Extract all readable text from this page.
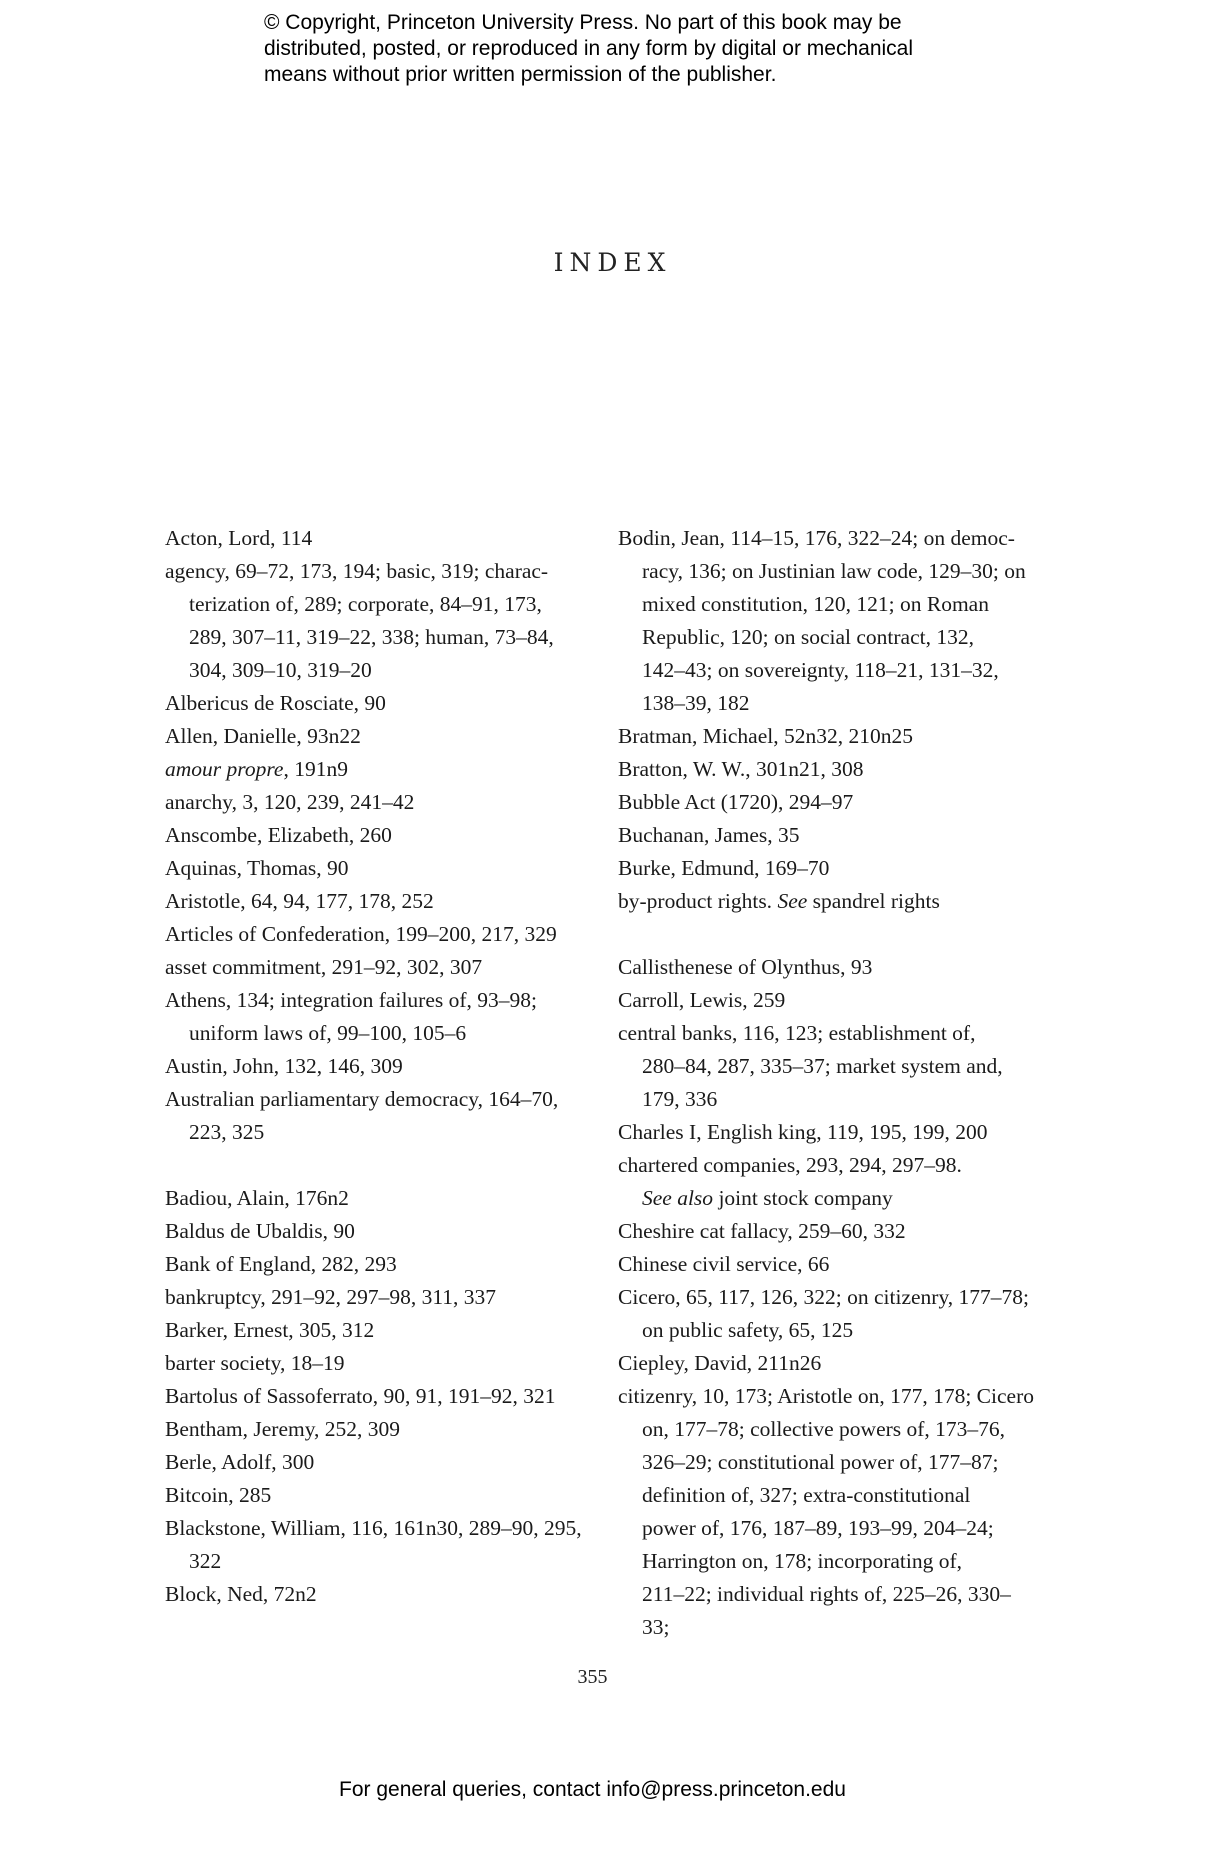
© Copyright, Princeton University Press. No part of this book may be
distributed, posted, or reproduced in any form by digital or mechanical
means without prior written permission of the publisher.
INDEX
Acton, Lord, 114
agency, 69–72, 173, 194; basic, 319; charac-
terization of, 289; corporate, 84–91, 173,
289, 307–11, 319–22, 338; human, 73–84,
304, 309–10, 319–20
Albericus de Rosciate, 90
Allen, Danielle, 93n22
amour propre, 191n9
anarchy, 3, 120, 239, 241–42
Anscombe, Elizabeth, 260
Aquinas, Thomas, 90
Aristotle, 64, 94, 177, 178, 252
Articles of Confederation, 199–200, 217, 329
asset commitment, 291–92, 302, 307
Athens, 134; integration failures of, 93–98;
uniform laws of, 99–100, 105–6
Austin, John, 132, 146, 309
Australian parliamentary democracy, 164–70,
223, 325
Badiou, Alain, 176n2
Baldus de Ubaldis, 90
Bank of England, 282, 293
bankruptcy, 291–92, 297–98, 311, 337
Barker, Ernest, 305, 312
barter society, 18–19
Bartolus of Sassoferrato, 90, 91, 191–92, 321
Bentham, Jeremy, 252, 309
Berle, Adolf, 300
Bitcoin, 285
Blackstone, William, 116, 161n30, 289–90, 295,
322
Block, Ned, 72n2
Bodin, Jean, 114–15, 176, 322–24; on democ-
racy, 136; on Justinian law code, 129–30; on
mixed constitution, 120, 121; on Roman
Republic, 120; on social contract, 132,
142–43; on sovereignty, 118–21, 131–32,
138–39, 182
Bratman, Michael, 52n32, 210n25
Bratton, W. W., 301n21, 308
Bubble Act (1720), 294–97
Buchanan, James, 35
Burke, Edmund, 169–70
by-product rights. See spandrel rights
Callisthenese of Olynthus, 93
Carroll, Lewis, 259
central banks, 116, 123; establishment of,
280–84, 287, 335–37; market system and,
179, 336
Charles I, English king, 119, 195, 199, 200
chartered companies, 293, 294, 297–98.
See also joint stock company
Cheshire cat fallacy, 259–60, 332
Chinese civil service, 66
Cicero, 65, 117, 126, 322; on citizenry, 177–78;
on public safety, 65, 125
Ciepley, David, 211n26
citizenry, 10, 173; Aristotle on, 177, 178; Cicero
on, 177–78; collective powers of, 173–76,
326–29; constitutional power of, 177–87;
definition of, 327; extra-constitutional
power of, 176, 187–89, 193–99, 204–24;
Harrington on, 178; incorporating of,
211–22; individual rights of, 225–26, 330–33;
355
For general queries, contact info@press.princeton.edu
